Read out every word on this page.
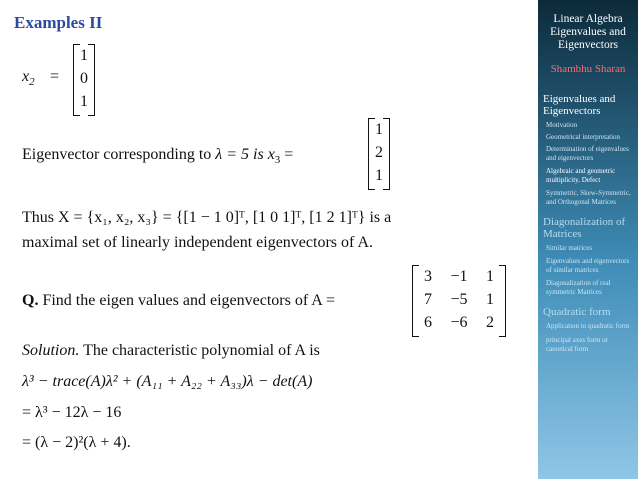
Examples II
$x_2$ =
1
0
1
Eigenvector corresponding to λ = 5 is $x_3$ =
1
2
1
Thus X = {x₁, x₂, x₃} = {[1 − 1 0]ᵀ, [1 0 1]ᵀ, [1 2 1]ᵀ} is a
maximal set of linearly independent eigenvectors of A.
Q. Find the eigen values and eigenvectors of A =
3	−1	1
7	−5	1
6	−6	2
Solution. The characteristic polynomial of A is
λ³ − trace(A)λ² + (A₁₁ + A₂₂ + A₃₃)λ − det(A)
= λ³ − 12λ − 16
= (λ − 2)²(λ + 4).
Linear Algebra
Eigenvalues and
Eigenvectors
Shambhu Sharan
Eigenvalues and Eigenvectors
Motivation
Geometrical interpretation
Determination of eigenvalues and eigenvectors
Algebraic and geometric multiplicity, Defect
Symmetric, Skew-Symmetric, and Orthogonal Matrices
Diagonalization of Matrices
Similar matrices
Eigenvalues and eigenvectors of similar matrices
Diagonalization of real symmetric Matrices
Quadratic form
Application to quadratic form
principal axes form or canonical form
